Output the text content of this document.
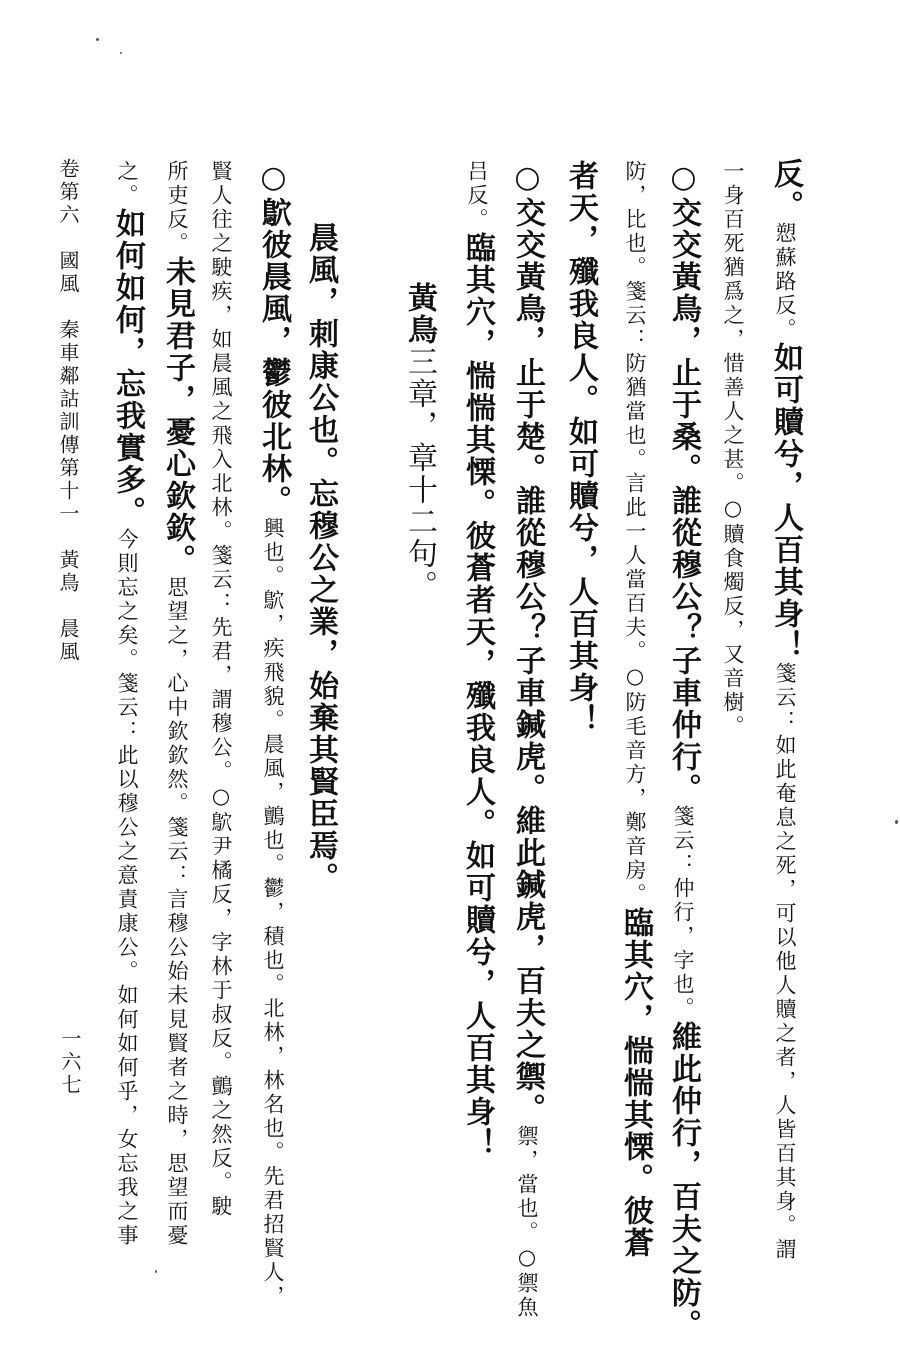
反。愬蘇路反。如可贖兮，人百其身！箋云：如此奄息之死，可以他人贖之者，人皆百其身。謂
一身百死猶爲之，惜善人之甚。○贖食燭反，又音樹。
○交交黃鳥，止于桑。誰從穆公？子車仲行。箋云：仲行，字也。維此仲行，百夫之防。
防，比也。箋云：防猶當也。言此一人當百夫。○防毛音方，鄭音房。臨其穴，惴惴其慄。彼蒼
者天，殲我良人。如可贖兮，人百其身！
○交交黃鳥，止于楚。誰從穆公？子車鍼虎。維此鍼虎，百夫之禦。禦，當也。○禦魚
吕反。臨其穴，惴惴其慄。彼蒼者天，殲我良人。如可贖兮，人百其身！
黃鳥三章，章十二句。
晨風，刺康公也。忘穆公之業，始棄其賢臣焉。
○鴥彼晨風，鬱彼北林。興也。鴥，疾飛貌。晨風，鸇也。鬱，積也。北林，林名也。先君招賢人，
賢人往之駛疾，如晨風之飛入北林。箋云：先君，謂穆公。○鴥尹橘反，字林于叔反。鸇之然反。駛
所吏反。未見君子，憂心欽欽。思望之，心中欽欽然。箋云：言穆公始未見賢者之時，思望而憂
之。如何如何，忘我實多。今則忘之矣。箋云：此以穆公之意責康公。如何如何乎，女忘我之事
卷第六　國風　秦車鄰詁訓傳第十一　黃鳥　晨風
一六七
